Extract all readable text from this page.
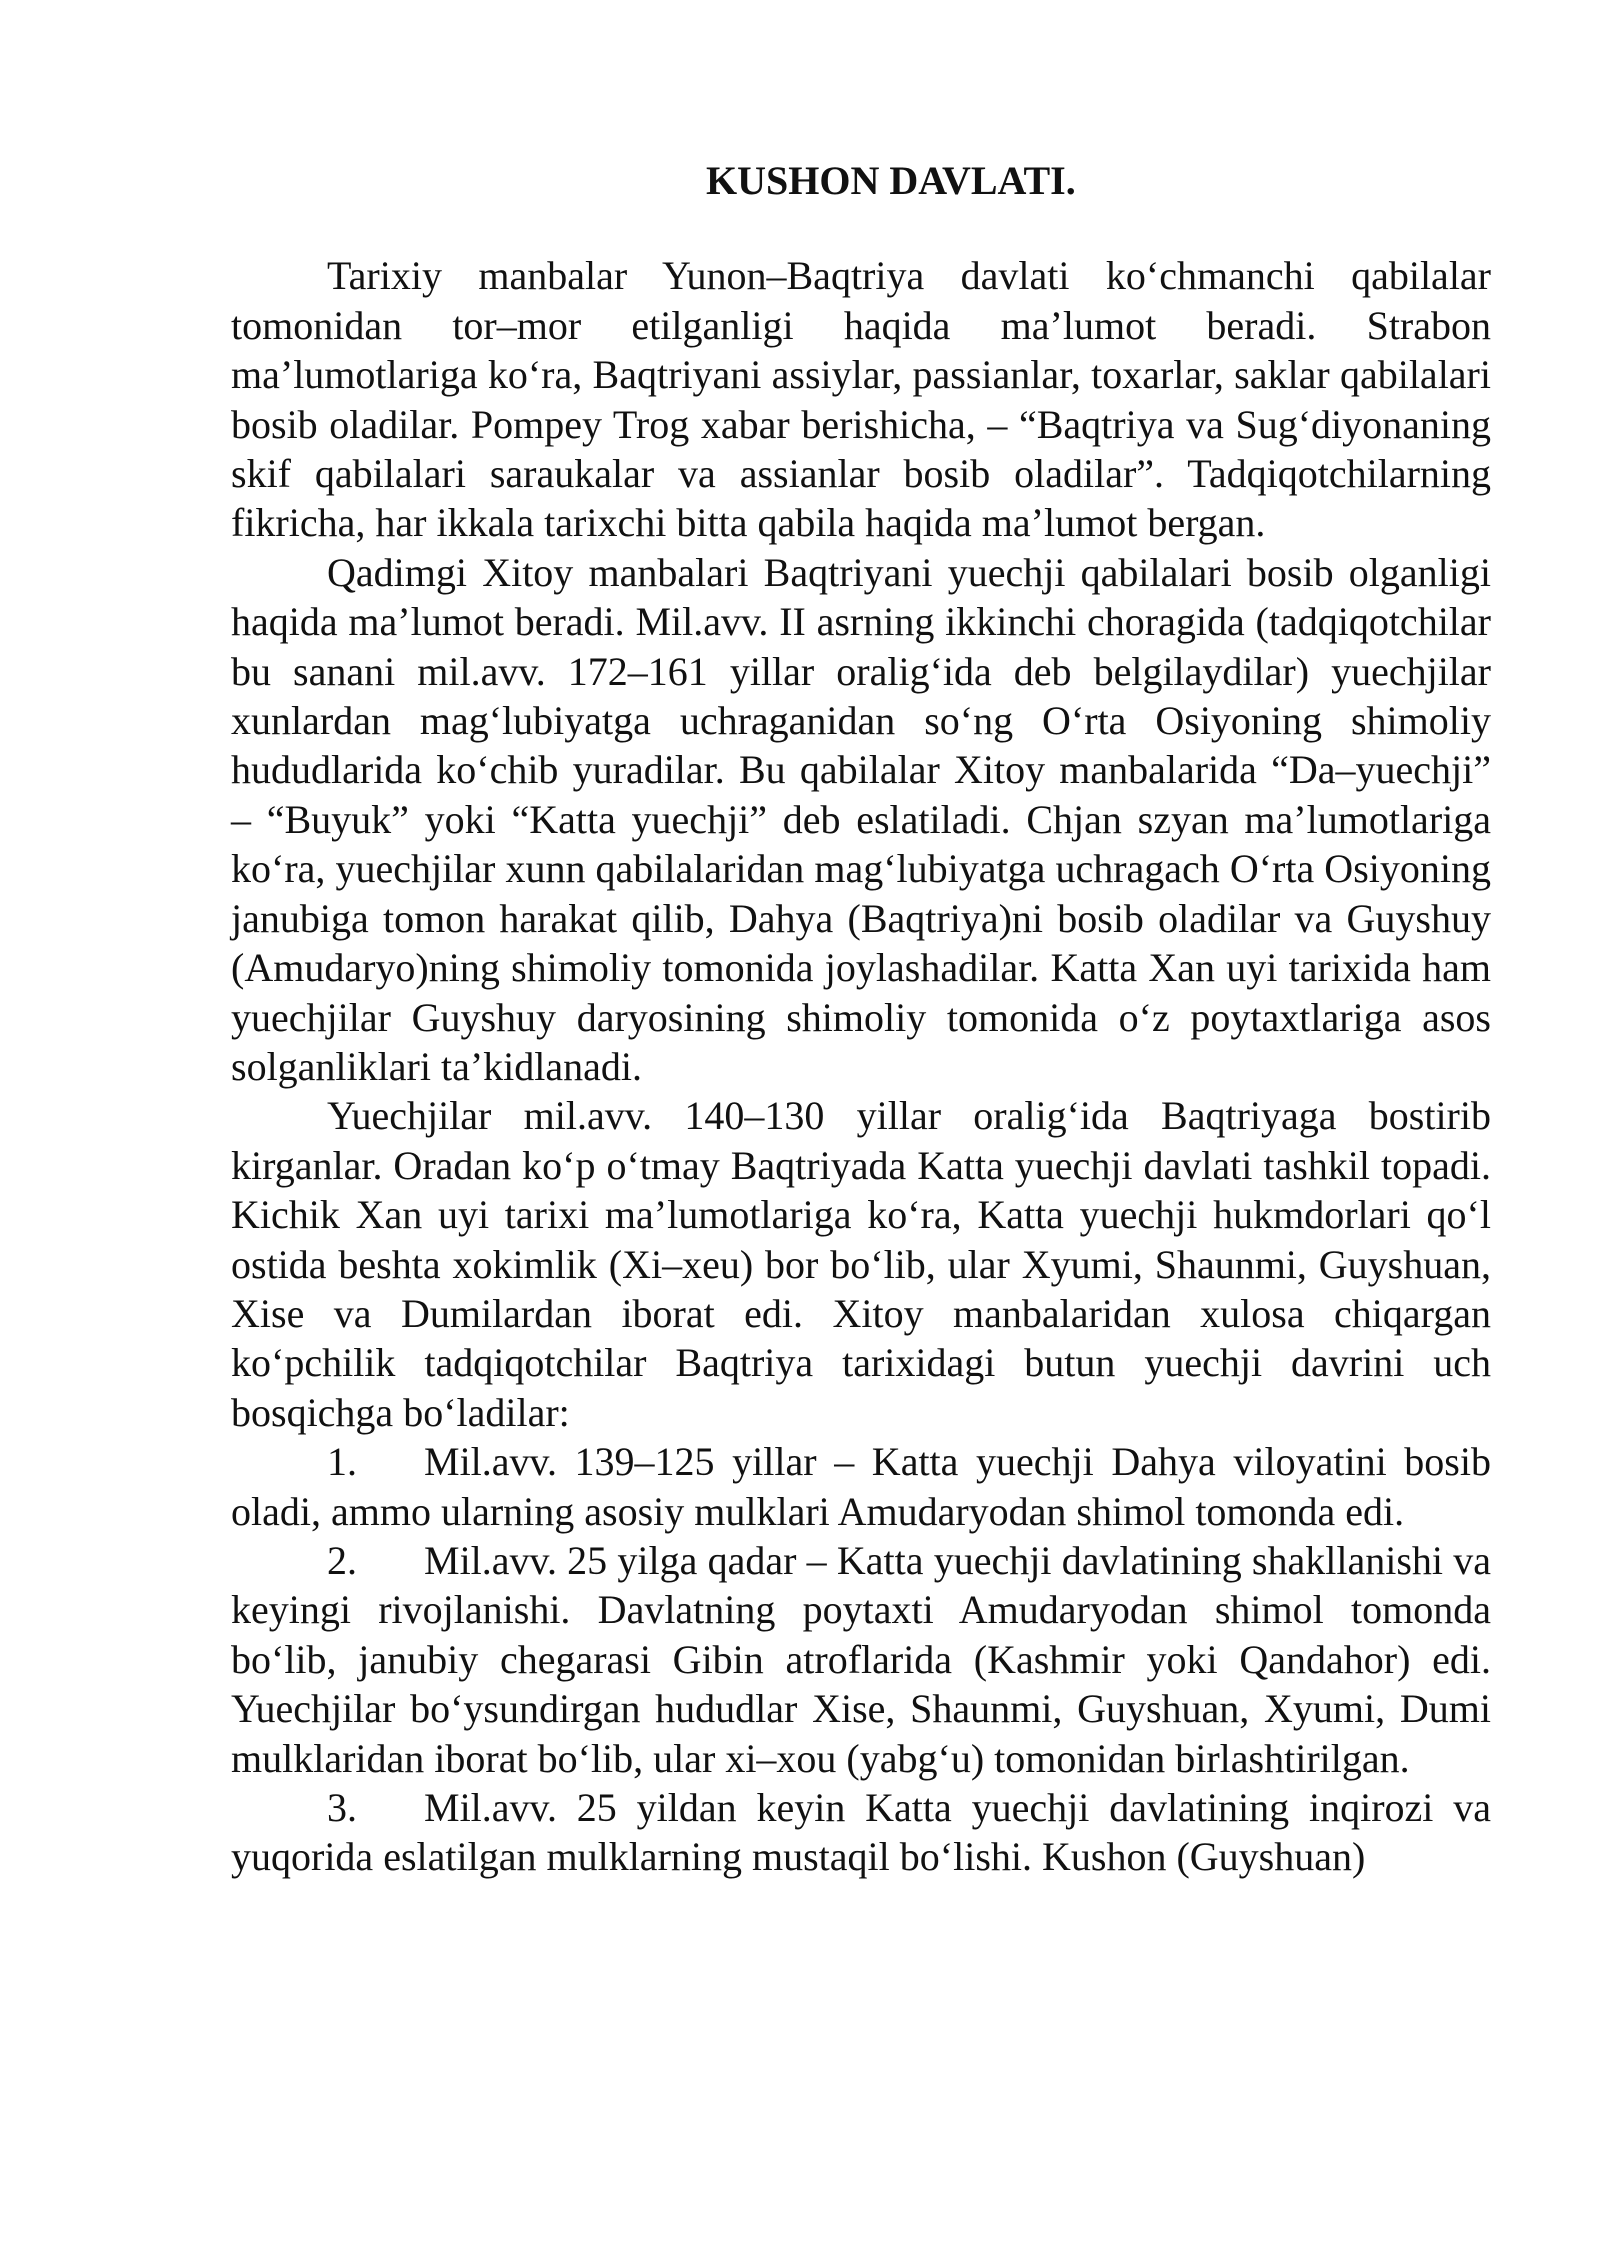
KUSHON DAVLATI.

Tarixiy manbalar Yunon–Baqtriya davlati ko‘chmanchi qabilalar tomonidan tor–mor etilganligi haqida ma’lumot beradi. Strabon ma’lumotlariga ko‘ra, Baqtriyani assiylar, passianlar, toxarlar, saklar qabilalari bosib oladilar. Pompey Trog xabar berishicha, – “Baqtriya va Sug‘diyonaning skif qabilalari saraukalar va assianlar bosib oladilar”. Tadqiqotchilarning fikricha, har ikkala tarixchi bitta qabila haqida ma’lumot bergan.

Qadimgi Xitoy manbalari Baqtriyani yuechji qabilalari bosib olganligi haqida ma’lumot beradi. Mil.avv. II asrning ikkinchi choragida (tadqiqotchilar bu sanani mil.avv. 172–161 yillar oralig‘ida deb belgilaydilar) yuechjilar xunlardan mag‘lubiyatga uchraganidan so‘ng O‘rta Osiyoning shimoliy hududlarida ko‘chib yuradilar. Bu qabilalar Xitoy manbalarida “Da–yuechji” – “Buyuk” yoki “Katta yuechji” deb eslatiladi. Chjan szyan ma’lumotlariga ko‘ra, yuechjilar xunn qabilalaridan mag‘lubiyatga uchragach O‘rta Osiyoning janubiga tomon harakat qilib, Dahya (Baqtriya)ni bosib oladilar va Guyshuy (Amudaryo)ning shimoliy tomonida joylashadilar. Katta Xan uyi tarixida ham yuechjilar Guyshuy daryosining shimoliy tomonida o‘z poytaxtlariga asos solganliklari ta’kidlanadi.

Yuechjilar mil.avv. 140–130 yillar oralig‘ida Baqtriyaga bostirib kirganlar. Oradan ko‘p o‘tmay Baqtriyada Katta yuechji davlati tashkil topadi. Kichik Xan uyi tarixi ma’lumotlariga ko‘ra, Katta yuechji hukmdorlari qo‘l ostida beshta xokimlik (Xi–xeu) bor bo‘lib, ular Xyumi, Shaunmi, Guyshuan, Xise va Dumilardan iborat edi. Xitoy manbalaridan xulosa chiqargan ko‘pchilik tadqiqotchilar Baqtriya tarixidagi butun yuechji davrini uch bosqichga bo‘ladilar:

1. Mil.avv. 139–125 yillar – Katta yuechji Dahya viloyatini bosib oladi, ammo ularning asosiy mulklari Amudaryodan shimol tomonda edi.

2. Mil.avv. 25 yilga qadar – Katta yuechji davlatining shakllanishi va keyingi rivojlanishi. Davlatning poytaxti Amudaryodan shimol tomonda bo‘lib, janubiy chegarasi Gibin atroflarida (Kashmir yoki Qandahor) edi. Yuechjilar bo‘ysundirgan hududlar Xise, Shaunmi, Guyshuan, Xyumi, Dumi mulklaridan iborat bo‘lib, ular xi–xou (yabg‘u) tomonidan birlashtirilgan.

3. Mil.avv. 25 yildan keyin Katta yuechji davlatining inqirozi va yuqorida eslatilgan mulklarning mustaqil bo‘lishi. Kushon (Guyshuan)
